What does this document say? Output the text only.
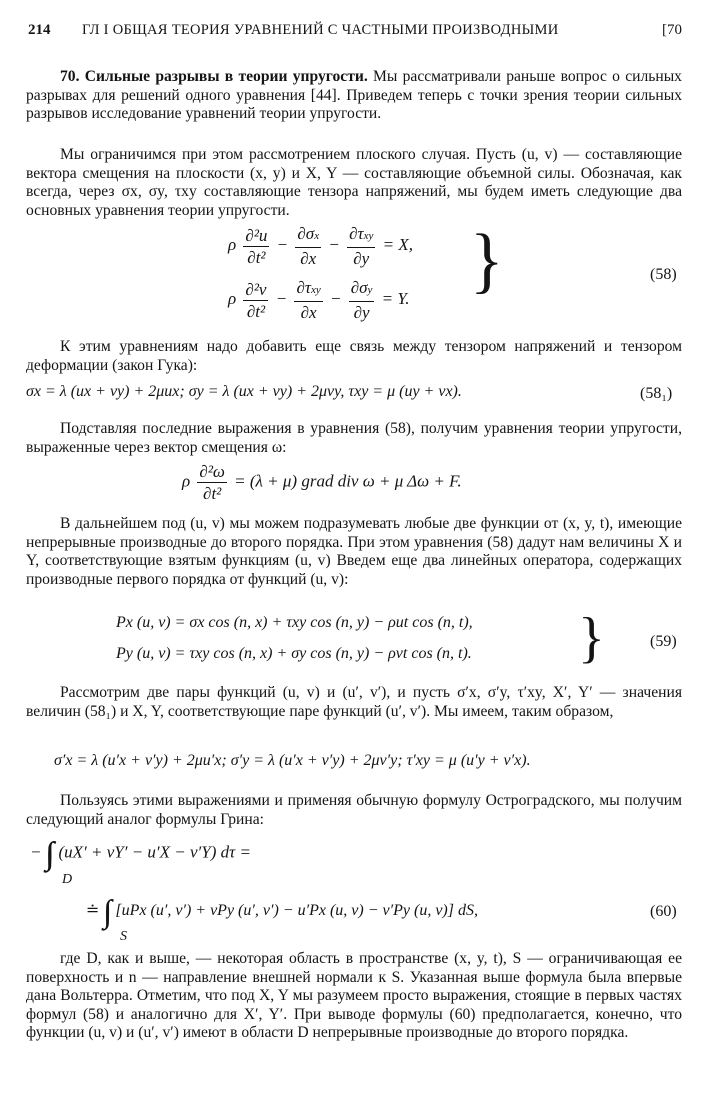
214 ГЛ I ОБЩАЯ ТЕОРИЯ УРАВНЕНИЙ С ЧАСТНЫМИ ПРОИЗВОДНЫМИ	[70

70. Сильные разрывы в теории упругости. Мы рассматривали раньше вопрос о сильных разрывах для решений одного уравнения [44]. Приведем теперь с точки зрения теории сильных разрывов исследование уравнений теории упругости.

Мы ограничимся при этом рассмотрением плоского случая. Пусть (u, v) — составляющие вектора смещения на плоскости (x, y) и X, Y — составляющие объемной силы. Обозначая, как всегда, через σx, σy, τxy составляющие тензора напряжений, мы будем иметь следующие два основных уравнения теории упругости.

ρ $\frac{\text{∂²u}}{\text{∂t²}} - \frac{\partial\sigma x}{\partial x} - \frac{\text{∂τxy}}{\partial y} = X$,
ρ $\frac{\text{∂²v}}{\text{∂t²}} - \frac{\text{∂τxy}}{\partial x} - \frac{\partial\sigma y}{\partial y} = Y$. }	(58)

К этим уравнениям надо добавить еще связь между тензором напряжений и тензором деформации (закон Гука):

σx = λ (ux + vy) + 2μux; σy = λ (ux + vy) + 2μvy, τxy = μ (uy + vx).	(58₁)

Подставляя последние выражения в уравнения (58), получим уравнения теории упругости, выраженные через вектор смещения ω:

ρ $\frac{\text{∂²ω}}{\text{∂t²}} = (\lambda + \mu)$ grad div ω + μ Δω + F.

В дальнейшем под (u, v) мы можем подразумевать любые две функции от (x, y, t), имеющие непрерывные производные до второго порядка. При этом уравнения (58) дадут нам величины X и Y, соответствующие взятым функциям (u, v) Введем еще два линейных оператора, содержащих производные первого порядка от функций (u, v):

Px (u, v) = σx cos (n, x) + τxy cos (n, y) − ρut cos (n, t),
Py (u, v) = τxy cos (n, x) + σy cos (n, y) − ρvt cos (n, t). }	(59)

Рассмотрим две пары функций (u, v) и (u′, v′), и пусть σ′x, σ′y, τ′xy, X′, Y′ — значения величин (58₁) и X, Y, соответствующие паре функций (u′, v′). Мы имеем, таким образом,

σ′x = λ (u′x + v′y) + 2μu′x; σ′y = λ (u′x + v′y) + 2μv′y; τ′xy = μ (u′y + v′x).

Пользуясь этими выражениями и применяя обычную формулу Остроградского, мы получим следующий аналог формулы Грина:

−    (uX′ + vY′ − u′X − v′Y) dτ =
D
≐    [uPx (u′, v′) + vPy (u′, v′) − u′Px (u, v) − v′Py (u, v)] dS,
S
(60)

где D, как и выше, — некоторая область в пространстве (x, y, t), S — ограничивающая ее поверхность и n — направление внешней нормали к S. Указанная выше формула была впервые дана Вольтерра. Отметим, что под X, Y мы разумеем просто выражения, стоящие в первых частях формул (58) и аналогично для X′, Y′. При выводе формулы (60) предполагается, конечно, что функции (u, v) и (u′, v′) имеют в области D непрерывные производные до второго порядка.
